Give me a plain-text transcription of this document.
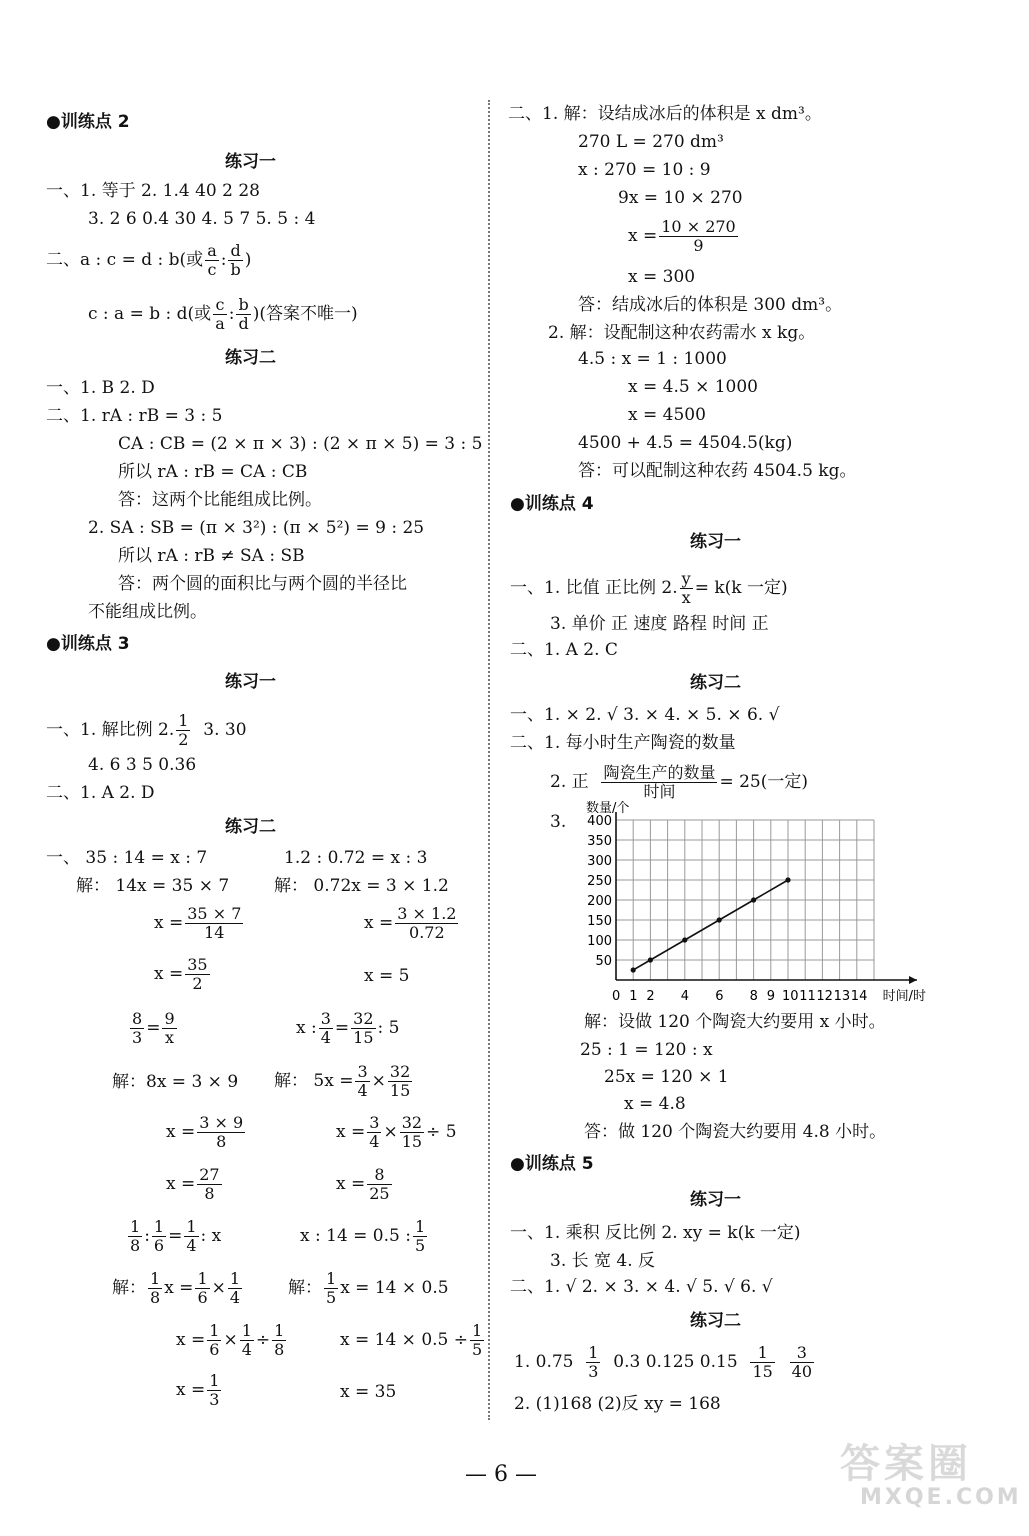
●训练点 2
练习一
一、1. 等于 2. 1.4 40 2 28
3. 2 6 0.4 30 4. 5 7 5. 5 : 4
二、a : c = d : b(或 $\frac{a}{c}$ : $\frac{d}{b}$ )
c : a = b : d(或 $\frac{c}{a}$ : $\frac{b}{d}$ )(答案不唯一)
练习二
一、1. B 2. D
二、1. rA : rB = 3 : 5
CA : CB = (2 × π × 3) : (2 × π × 5) = 3 : 5
所以 rA : rB = CA : CB
答：这两个比能组成比例。
2. SA : SB = (π × 3²) : (π × 5²) = 9 : 25
所以 rA : rB ≠ SA : SB
答：两个圆的面积比与两个圆的半径比
不能组成比例。
●训练点 3
练习一
一、1. 解比例 2. $\frac{1}{2} 3$. 30
4. 6 3 5 0.36
二、1. A 2. D
练习二
一、 35 : 14 = x : 7	1.2 : 0.72 = x : 3
解： 14x = 35 × 7	解： 0.72x = 3 × 1.2
$x = \frac{35 \times 7}{14}$	$x = \frac{3 \times 1.2}{0.72}$
$x = \frac{35}{2}$	x = 5
$\frac{8}{3} = \frac{9}{x}$	x : $\frac{3}{4} = \frac{32}{15}$ : 5
解：8x = 3 × 9 解： $5x = \frac{3}{4} \times \frac{32}{15}$
$x = \frac{3 \times 9}{8}$	$x = \frac{3}{4} \times \frac{32}{15} \div 5$
$x = \frac{27}{8}$	$x = \frac{8}{25}$
$\frac{1}{8}$ : $\frac{1}{6} = \frac{1}{4}$ : x	x : 14 = 0.5 : $\frac{1}{5}$
解： $\frac{1}{8}$ $x = \frac{1}{6} \times \frac{1}{4}$	解： $\frac{1}{5}$ x = 14 × 0.5
$x = \frac{1}{6} \times \frac{1}{4} \div \frac{1}{8}$	$x = 14 \times 0.5 \div \frac{1}{5}$
$x = \frac{1}{3}$	x = 35
二、1. 解：设结成冰后的体积是 x dm³。
270 L = 270 dm³
x : 270 = 10 : 9
9x = 10 × 270
$x = \frac{10 \times 270}{9}$
x = 300
答：结成冰后的体积是 300 dm³。
2. 解：设配制这种农药需水 x kg。
4.5 : x = 1 : 1000
x = 4.5 × 1000
x = 4500
4500 + 4.5 = 4504.5(kg)
答：可以配制这种农药 4504.5 kg。
●训练点 4
练习一
一、1. 比值 正比例 2. $\frac{y}{x} = k(k$ 一定)
3. 单价 正 速度 路程 时间 正
二、1. A 2. C
练习二
一、1. × 2. √ 3. × 4. × 5. × 6. √
二、1. 每小时生产陶瓷的数量
2. 正 陶瓷生产的数量
时间	= 25(一定)
3.
50
100
150
200
250
300
350
400
0 1 2 4 6 8 9 10 11 12 13 14
数量/个
时间/时
解：设做 120 个陶瓷大约要用 x 小时。
25 : 1 = 120 : x
25x = 120 × 1
x = 4.8
答：做 120 个陶瓷大约要用 4.8 小时。
●训练点 5
练习一
一、1. 乘积 反比例 2. xy = k(k 一定)
3. 长 宽 4. 反
二、1. √ 2. × 3. × 4. √ 5. √ 6. √
练习二
1. $0.75 \frac{1}{3} 0.3$ 0.125 $0.15 \frac{1}{15}$
$\frac{3}{40}$
2. (1)168 (2)反 xy = 168
— 6 —	答案圈
MXQE.COM
